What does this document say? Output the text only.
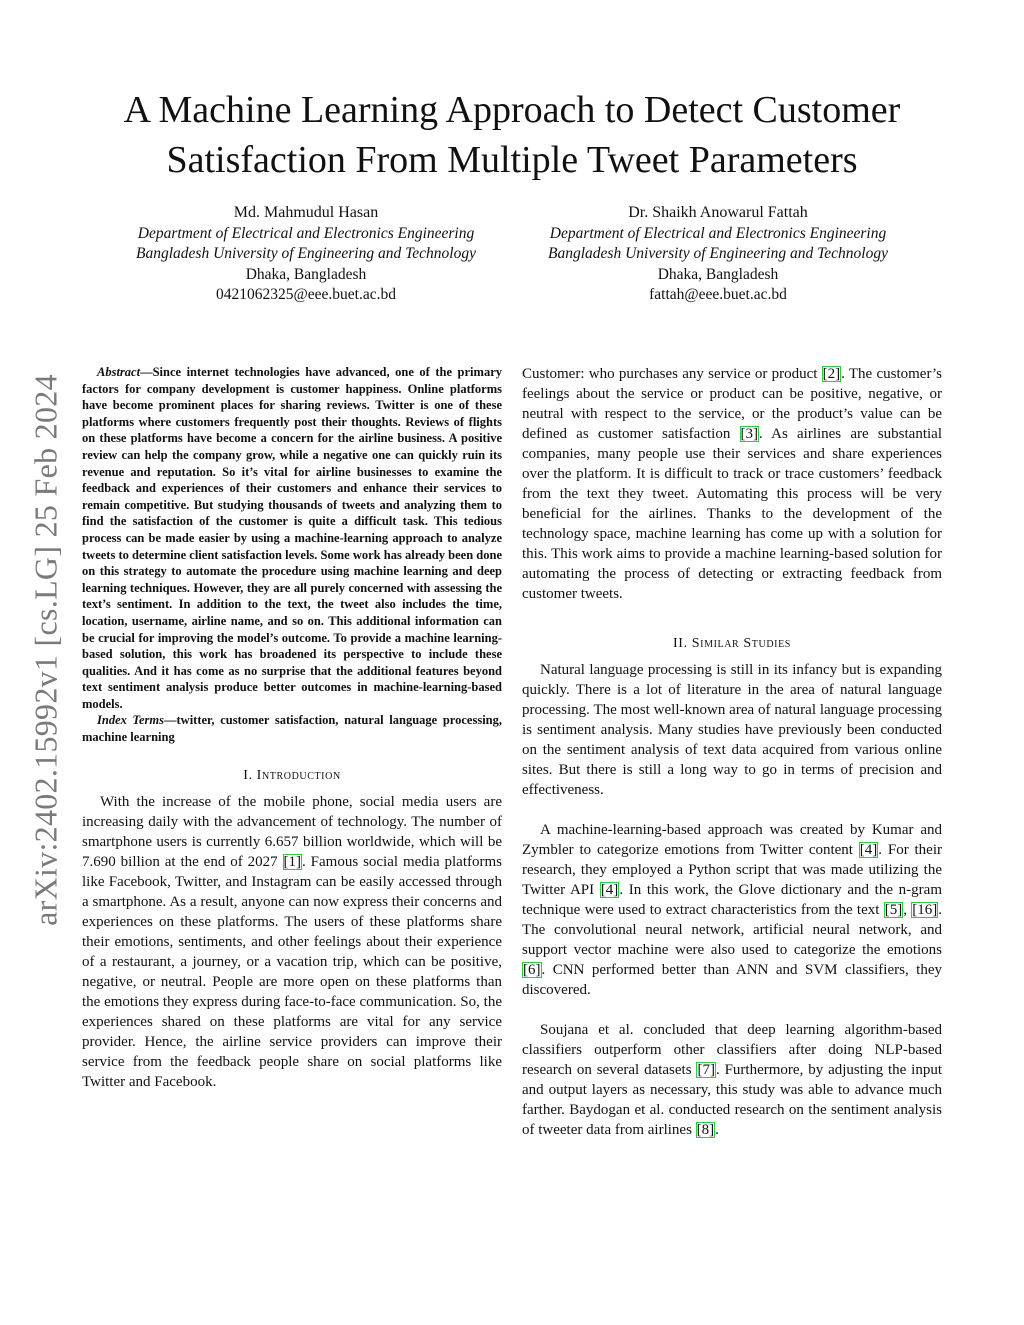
A Machine Learning Approach to Detect Customer Satisfaction From Multiple Tweet Parameters
Md. Mahmudul Hasan
Department of Electrical and Electronics Engineering
Bangladesh University of Engineering and Technology
Dhaka, Bangladesh
0421062325@eee.buet.ac.bd
Dr. Shaikh Anowarul Fattah
Department of Electrical and Electronics Engineering
Bangladesh University of Engineering and Technology
Dhaka, Bangladesh
fattah@eee.buet.ac.bd
arXiv:2402.15992v1 [cs.LG] 25 Feb 2024

Abstract—Since internet technologies have advanced, one of the primary factors for company development is customer happiness. Online platforms have become prominent places for sharing reviews. Twitter is one of these platforms where customers frequently post their thoughts. Reviews of flights on these platforms have become a concern for the airline business. A positive review can help the company grow, while a negative one can quickly ruin its revenue and reputation. So it’s vital for airline businesses to examine the feedback and experiences of their customers and enhance their services to remain competitive. But studying thousands of tweets and analyzing them to find the satisfaction of the customer is quite a difficult task. This tedious process can be made easier by using a machine-learning approach to analyze tweets to determine client satisfaction levels. Some work has already been done on this strategy to automate the procedure using machine learning and deep learning techniques. However, they are all purely concerned with assessing the text’s sentiment. In addition to the text, the tweet also includes the time, location, username, airline name, and so on. This additional information can be crucial for improving the model’s outcome. To provide a machine learning-based solution, this work has broadened its perspective to include these qualities. And it has come as no surprise that the additional features beyond text sentiment analysis produce better outcomes in machine-learning-based models.

Index Terms—twitter, customer satisfaction, natural language processing, machine learning

I. Introduction

With the increase of the mobile phone, social media users are increasing daily with the advancement of technology. The number of smartphone users is currently 6.657 billion worldwide, which will be 7.690 billion at the end of 2027 [1]. Famous social media platforms like Facebook, Twitter, and Instagram can be easily accessed through a smartphone. As a result, anyone can now express their concerns and experiences on these platforms. The users of these platforms share their emotions, sentiments, and other feelings about their experience of a restaurant, a journey, or a vacation trip, which can be positive, negative, or neutral. People are more open on these platforms than the emotions they express during face-to-face communication. So, the experiences shared on these platforms are vital for any service provider. Hence, the airline service providers can improve their service from the feedback people share on social platforms like Twitter and Facebook.

Customer: who purchases any service or product [2]. The customer’s feelings about the service or product can be positive, negative, or neutral with respect to the service, or the product’s value can be defined as customer satisfaction [3]. As airlines are substantial companies, many people use their services and share experiences over the platform. It is difficult to track or trace customers’ feedback from the text they tweet. Automating this process will be very beneficial for the airlines. Thanks to the development of the technology space, machine learning has come up with a solution for this. This work aims to provide a machine learning-based solution for automating the process of detecting or extracting feedback from customer tweets.

II. Similar Studies

Natural language processing is still in its infancy but is expanding quickly. There is a lot of literature in the area of natural language processing. The most well-known area of natural language processing is sentiment analysis. Many studies have previously been conducted on the sentiment analysis of text data acquired from various online sites. But there is still a long way to go in terms of precision and effectiveness.

A machine-learning-based approach was created by Kumar and Zymbler to categorize emotions from Twitter content [4]. For their research, they employed a Python script that was made utilizing the Twitter API [4]. In this work, the Glove dictionary and the n-gram technique were used to extract characteristics from the text [5], [16]. The convolutional neural network, artificial neural network, and support vector machine were also used to categorize the emotions [6]. CNN performed better than ANN and SVM classifiers, they discovered.

Soujana et al. concluded that deep learning algorithm-based classifiers outperform other classifiers after doing NLP-based research on several datasets [7]. Furthermore, by adjusting the input and output layers as necessary, this study was able to advance much farther. Baydogan et al. conducted research on the sentiment analysis of tweeter data from airlines [8].
